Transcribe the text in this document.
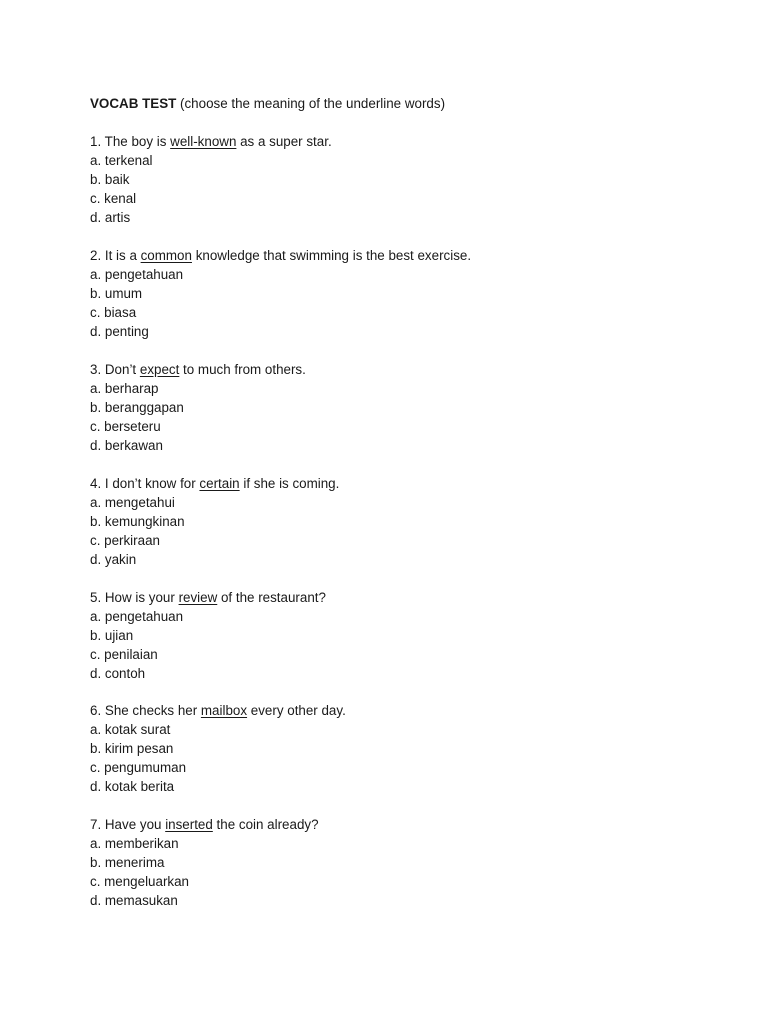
VOCAB TEST (choose the meaning of the underline words)
1. The boy is well-known as a super star.
a. terkenal
b. baik
c. kenal
d. artis
2. It is a common knowledge that swimming is the best exercise.
a. pengetahuan
b. umum
c. biasa
d. penting
3. Don’t expect to much from others.
a. berharap
b. beranggapan
c. berseteru
d. berkawan
4. I don’t know for certain if she is coming.
a. mengetahui
b. kemungkinan
c. perkiraan
d. yakin
5. How is your review of the restaurant?
a. pengetahuan
b. ujian
c. penilaian
d. contoh
6. She checks her mailbox every other day.
a. kotak surat
b. kirim pesan
c. pengumuman
d. kotak berita
7. Have you inserted the coin already?
a. memberikan
b. menerima
c. mengeluarkan
d. memasukan
